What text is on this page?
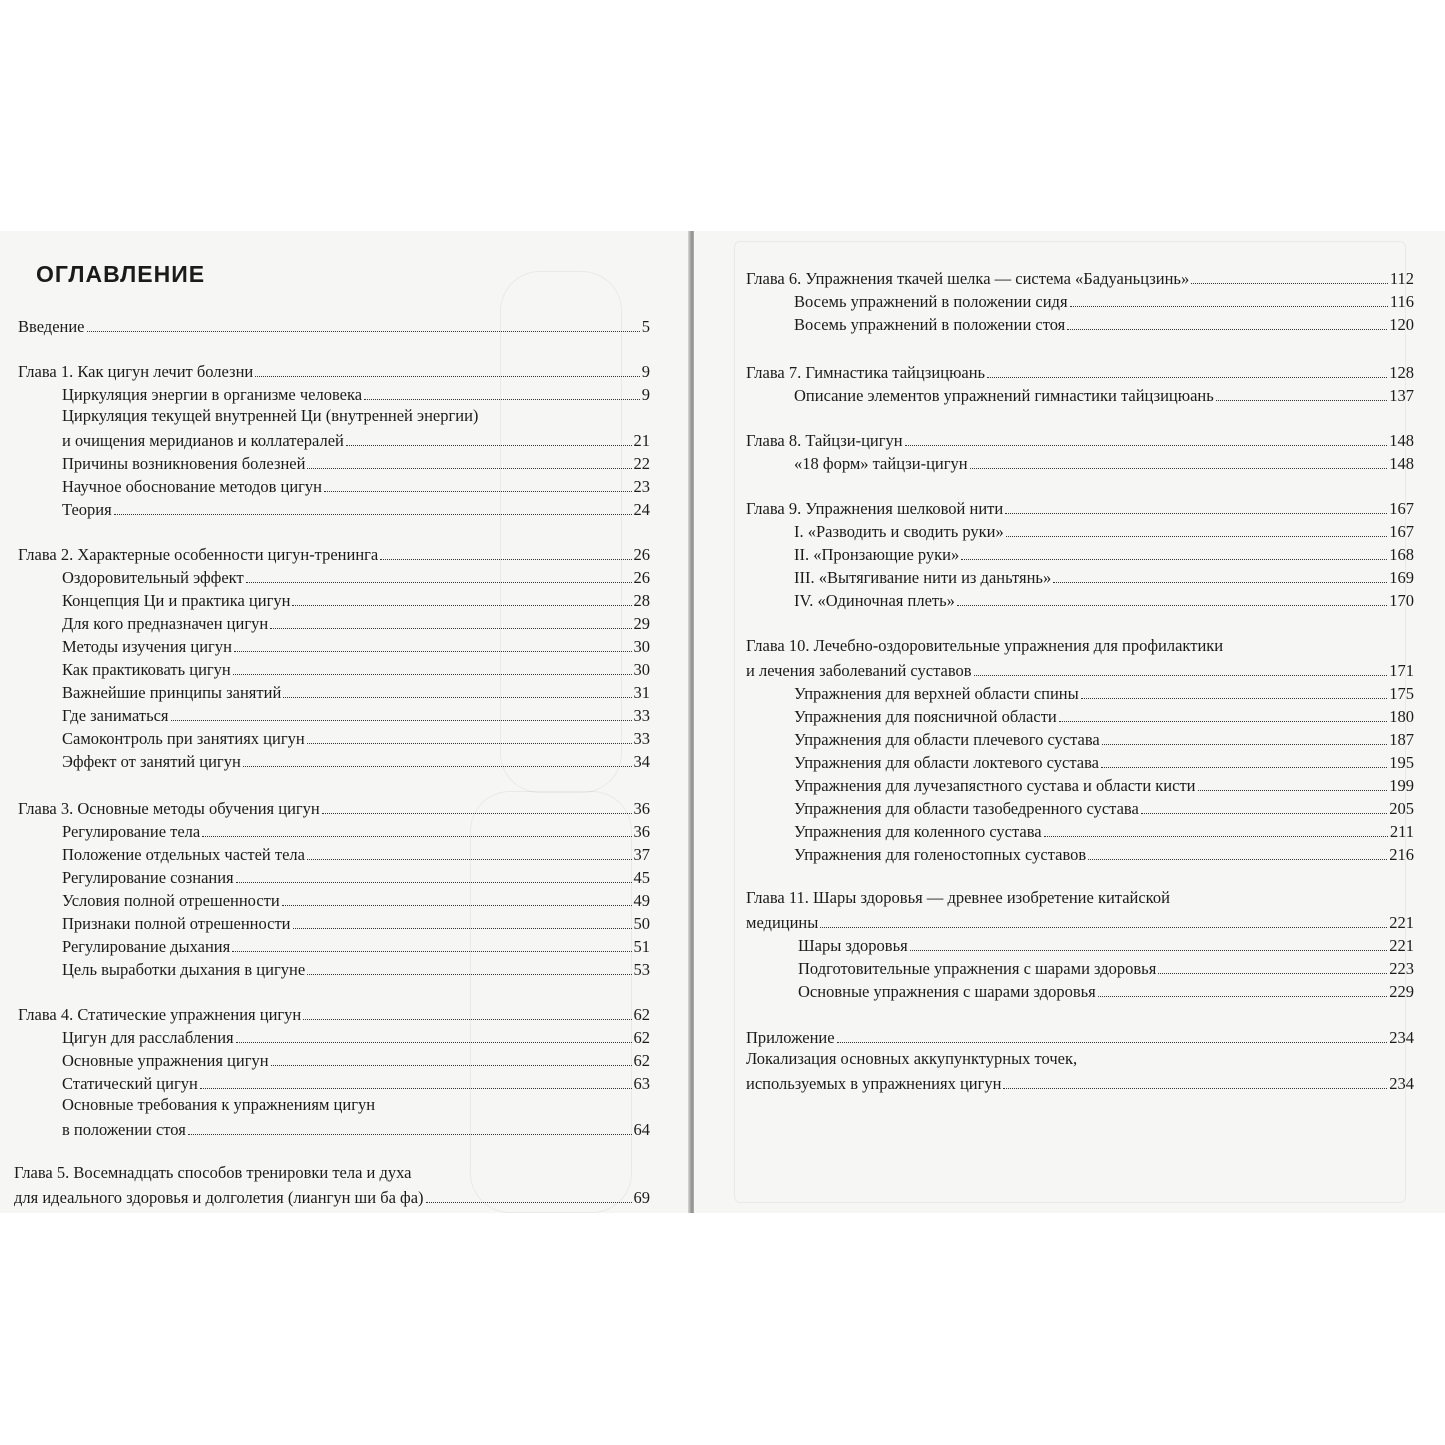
ОГЛАВЛЕНИЕ
Введение	5
Глава 1. Как цигун лечит болезни	9
Циркуляция энергии в организме человека	9
Циркуляция текущей внутренней Ци (внутренней энергии)
и очищения меридианов и коллатералей	21
Причины возникновения болезней	22
Научное обоснование методов цигун	23
Теория	24
Глава 2. Характерные особенности цигун-тренинга	26
Оздоровительный эффект	26
Концепция Ци и практика цигун	28
Для кого предназначен цигун	29
Методы изучения цигун	30
Как практиковать цигун	30
Важнейшие принципы занятий	31
Где заниматься	33
Самоконтроль при занятиях цигун	33
Эффект от занятий цигун	34
Глава 3. Основные методы обучения цигун	36
Регулирование тела	36
Положение отдельных частей тела	37
Регулирование сознания	45
Условия полной отрешенности	49
Признаки полной отрешенности	50
Регулирование дыхания	51
Цель выработки дыхания в цигуне	53
Глава 4. Статические упражнения цигун	62
Цигун для расслабления	62
Основные упражнения цигун	62
Статический цигун	63
Основные требования к упражнениям цигун
в положении стоя	64
Глава 5. Восемнадцать способов тренировки тела и духа
для идеального здоровья и долголетия (лиангун ши ба фа)	69
Глава 6. Упражнения ткачей шелка — система «Бадуаньцзинь»	112
Восемь упражнений в положении сидя	116
Восемь упражнений в положении стоя	120
Глава 7. Гимнастика тайцзицюань	128
Описание элементов упражнений гимнастики тайцзицюань	137
Глава 8. Тайцзи-цигун	148
«18 форм» тайцзи-цигун	148
Глава 9. Упражнения шелковой нити	167
I. «Разводить и сводить руки»	167
II. «Пронзающие руки»	168
III. «Вытягивание нити из даньтянь»	169
IV. «Одиночная плеть»	170
Глава 10. Лечебно-оздоровительные упражнения для профилактики
и лечения заболеваний суставов	171
Упражнения для верхней области спины	175
Упражнения для поясничной области	180
Упражнения для области плечевого сустава	187
Упражнения для области локтевого сустава	195
Упражнения для лучезапястного сустава и области кисти	199
Упражнения для области тазобедренного сустава	205
Упражнения для коленного сустава	211
Упражнения для голеностопных суставов	216
Глава 11. Шары здоровья — древнее изобретение китайской
медицины	221
Шары здоровья	221
Подготовительные упражнения с шарами здоровья	223
Основные упражнения с шарами здоровья	229
Приложение	234
Локализация основных аккупунктурных точек,
используемых в упражнениях цигун	234
